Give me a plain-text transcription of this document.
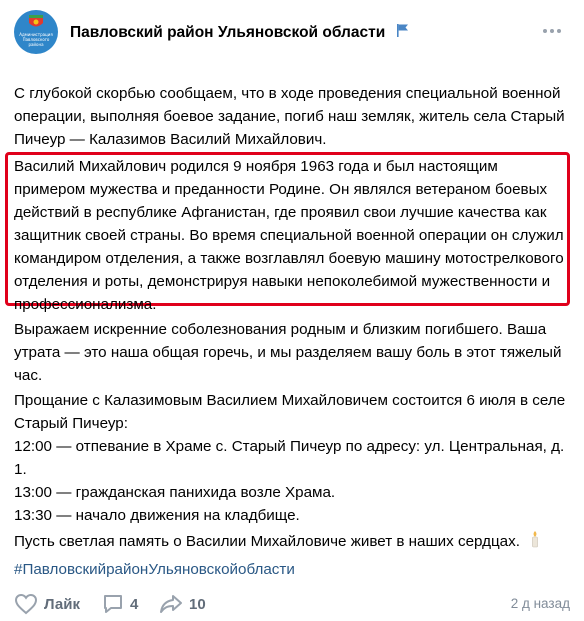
Администрация Павловского района
Павловский район Ульяновской области
С глубокой скорбью сообщаем, что в ходе проведения специальной военной операции, выполняя боевое задание, погиб наш земляк, житель села Старый Пичеур — Калазимов Василий Михайлович.
Василий Михайлович родился 9 ноября 1963 года и был настоящим примером мужества и преданности Родине. Он являлся ветераном боевых действий в республике Афганистан, где проявил свои лучшие качества как защитник своей страны. Во время специальной военной операции он служил командиром отделения, а также возглавлял боевую машину мотострелкового отделения и роты, демонстрируя навыки непоколебимой мужественности и профессионализма.
Выражаем искренние соболезнования родным и близким погибшего. Ваша утрата — это наша общая горечь, и мы разделяем вашу боль в этот тяжелый час.
Прощание с Калазимовым Василием Михайловичем состоится 6 июля в селе Старый Пичеур:
12:00 — отпевание в Храме с. Старый Пичеур по адресу: ул. Центральная, д. 1.
13:00 — гражданская панихида возле Храма.
13:30 — начало движения на кладбище.
Пусть светлая память о Василии Михайловиче живет в наших сердцах.
#ПавловскийрайонУльяновскойобласти
Лайк	4	10	2 д назад
